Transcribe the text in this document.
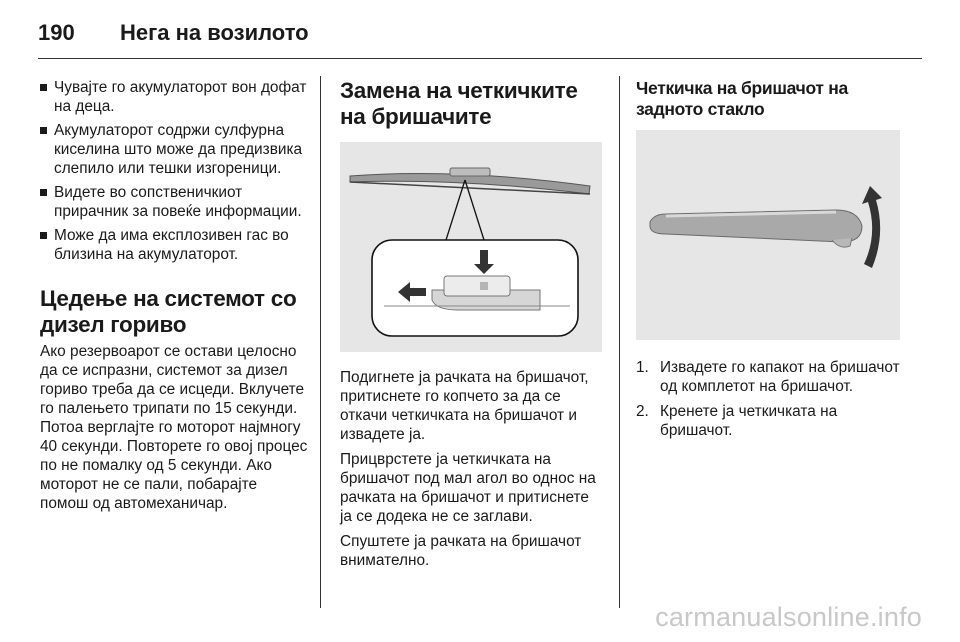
190 Нега на возилото
Чувајте го акумулаторот вон дофат на деца.
Акумулаторот содржи сулфурна киселина што може да предизвика слепило или тешки изгореници.
Видете во сопственичкиот прирачник за повеќе информации.
Може да има експлозивен гас во близина на акумулаторот.
Цедење на системот со дизел гориво

Ако резервоарот се остави целосно да се испразни, системот за дизел гориво треба да се исцеди. Вклучете го палењето трипати по 15 секунди. Потоа верглајте го моторот најмногу 40 секунди. Повторете го овој процес по не помалку од 5 секунди. Ако моторот не се пали, побарајте помош од автомеханичар.

Замена на четкичките на бришачите

Подигнете ја рачката на бришачот, притиснете го копчето за да се откачи четкичката на бришачот и извадете ја.

Прицврстете ја четкичката на бришачот под мал агол во однос на рачката на бришачот и притиснете ја се додека не се заглави.

Спуштете ја рачката на бришачот внимателно.

Четкичка на бришачот на задното стакло
1. Извадете го капакот на бришачот од комплетот на бришачот.
2. Кренете ја четкичката на бришачот.
carmanualsonline.info
